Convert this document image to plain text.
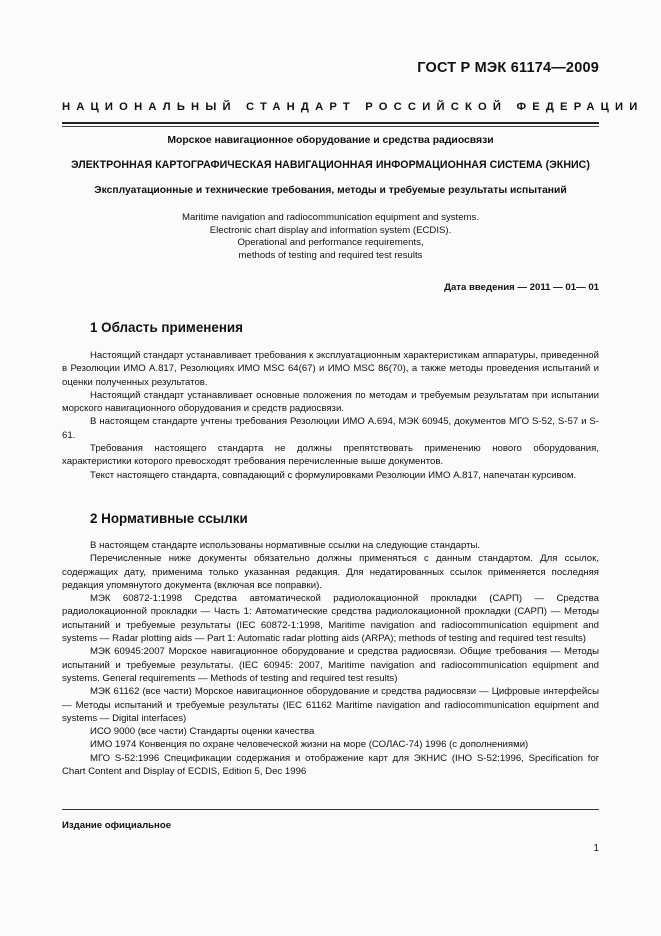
ГОСТ Р МЭК 61174—2009
НАЦИОНАЛЬНЫЙ СТАНДАРТ РОССИЙСКОЙ ФЕДЕРАЦИИ
Морское навигационное оборудование и средства радиосвязи
ЭЛЕКТРОННАЯ КАРТОГРАФИЧЕСКАЯ НАВИГАЦИОННАЯ ИНФОРМАЦИОННАЯ СИСТЕМА (ЭКНИС)
Эксплуатационные и технические требования, методы и требуемые результаты испытаний
Maritime navigation and radiocommunication equipment and systems.
Electronic chart display and information system (ECDIS).
Operational and performance requirements,
methods of testing and required test results
Дата введения — 2011 — 01— 01
1 Область применения

Настоящий стандарт устанавливает требования к эксплуатационным характеристикам аппаратуры, приведенной в Резолюции ИМО А.817, Резолюциях ИМО MSC 64(67) и ИМО MSC 86(70), а также методы проведения испытаний и оценки полученных результатов.

Настоящий стандарт устанавливает основные положения по методам и требуемым результатам при испытании морского навигационного оборудования и средств радиосвязи.

В настоящем стандарте учтены требования Резолюции ИМО А.694, МЭК 60945, документов МГО S-52, S-57 и S-61.

Требования настоящего стандарта не должны препятствовать применению нового оборудования, характеристики которого превосходят требования перечисленные выше документов.

Текст настоящего стандарта, совпадающий с формулировками Резолюции ИМО А.817, напечатан курсивом.

2 Нормативные ссылки

В настоящем стандарте использованы нормативные ссылки на следующие стандарты.

Перечисленные ниже документы обязательно должны применяться с данным стандартом. Для ссылок, содержащих дату, применима только указанная редакция. Для недатированных ссылок применяется последняя редакция упомянутого документа (включая все поправки).

МЭК 60872-1:1998 Средства автоматической радиолокационной прокладки (САРП) — Средства радиолокационной прокладки — Часть 1: Автоматические средства радиолокационной прокладки (САРП) — Методы испытаний и требуемые результаты (IEC 60872-1:1998, Maritime navigation and radiocommunication equipment and systems — Radar plotting aids — Part 1: Automatic radar plotting aids (ARPA); methods of testing and required test results)

МЭК 60945:2007 Морское навигационное оборудование и средства радиосвязи. Общие требования — Методы испытаний и требуемые результаты. (IEC 60945: 2007, Maritime navigation and radiocommunication equipment and systems. General requirements — Methods of testing and required test results)

МЭК 61162 (все части) Морское навигационное оборудование и средства радиосвязи — Цифровые интерфейсы — Методы испытаний и требуемые результаты (IEC 61162 Maritime navigation and radiocommunication equipment and systems — Digital interfaces)

ИСО 9000 (все части) Стандарты оценки качества

ИМО 1974 Конвенция по охране человеческой жизни на море (СОЛАС-74) 1996 (с дополнениями)

МГО S-52:1996 Спецификации содержания и отображение карт для ЭКНИС (IHO S-52:1996, Specification for Chart Content and Display of ECDIS, Edition 5, Dec 1996

Издание официальное
1
